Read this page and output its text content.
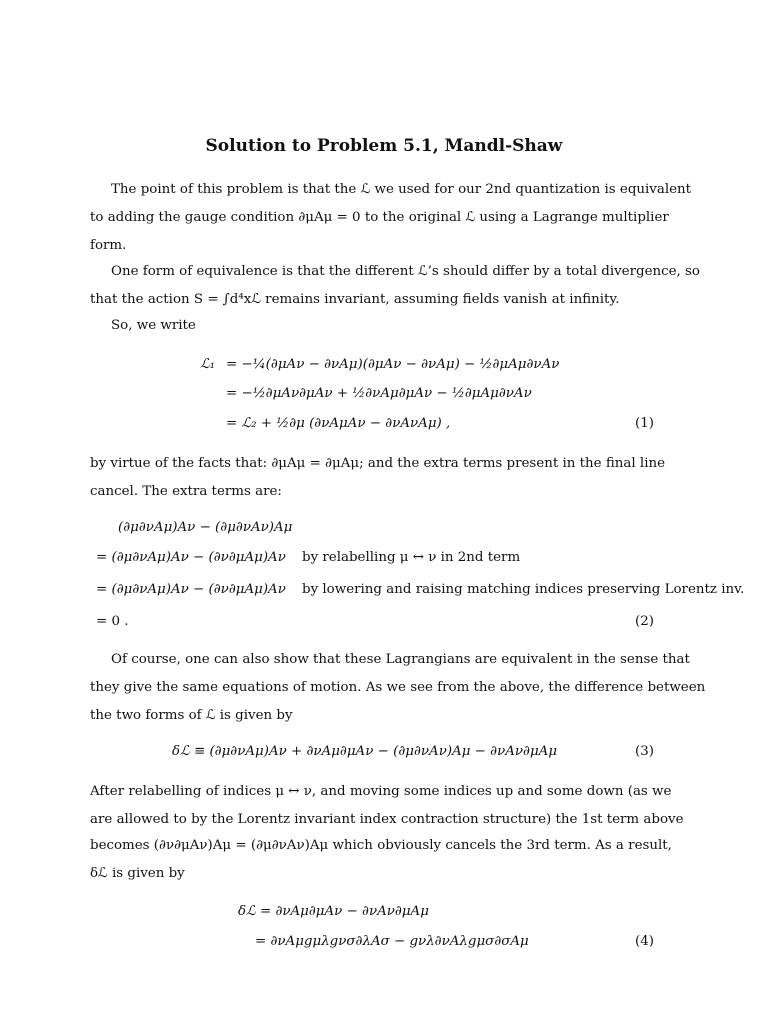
Solution to Problem 5.1, Mandl-Shaw
The point of this problem is that the ℒ we used for our 2nd quantization is equivalent
to adding the gauge condition ∂μAμ = 0 to the original ℒ using a Lagrange multiplier
form.
One form of equivalence is that the different ℒ’s should differ by a total divergence, so
that the action S = ∫d⁴xℒ remains invariant, assuming fields vanish at infinity.
So, we write
ℒ₁ = −¼(∂μAν − ∂νAμ)(∂μAν − ∂νAμ) − ½∂μAμ∂νAν
= −½∂μAν∂μAν + ½∂νAμ∂μAν − ½∂μAμ∂νAν
= ℒ₂ + ½∂μ (∂νAμAν − ∂νAνAμ) ,	(1)
by virtue of the facts that: ∂μAμ = ∂μAμ; and the extra terms present in the final line
cancel. The extra terms are:
(∂μ∂νAμ)Aν − (∂μ∂νAν)Aμ
= (∂μ∂νAμ)Aν − (∂ν∂μAμ)Aν by relabelling μ ↔ ν in 2nd term
= (∂μ∂νAμ)Aν − (∂ν∂μAμ)Aν by lowering and raising matching indices preserving Lorentz inv.
= 0 .	(2)
Of course, one can also show that these Lagrangians are equivalent in the sense that
they give the same equations of motion. As we see from the above, the difference between
the two forms of ℒ is given by
δℒ ≡ (∂μ∂νAμ)Aν + ∂νAμ∂μAν − (∂μ∂νAν)Aμ − ∂νAν∂μAμ	(3)
After relabelling of indices μ ↔ ν, and moving some indices up and some down (as we
are allowed to by the Lorentz invariant index contraction structure) the 1st term above
becomes (∂ν∂μAν)Aμ = (∂μ∂νAν)Aμ which obviously cancels the 3rd term. As a result,
δℒ is given by
δℒ = ∂νAμ∂μAν − ∂νAν∂μAμ
= ∂νAμgμλgνσ∂λAσ − gνλ∂νAλgμσ∂σAμ	(4)
